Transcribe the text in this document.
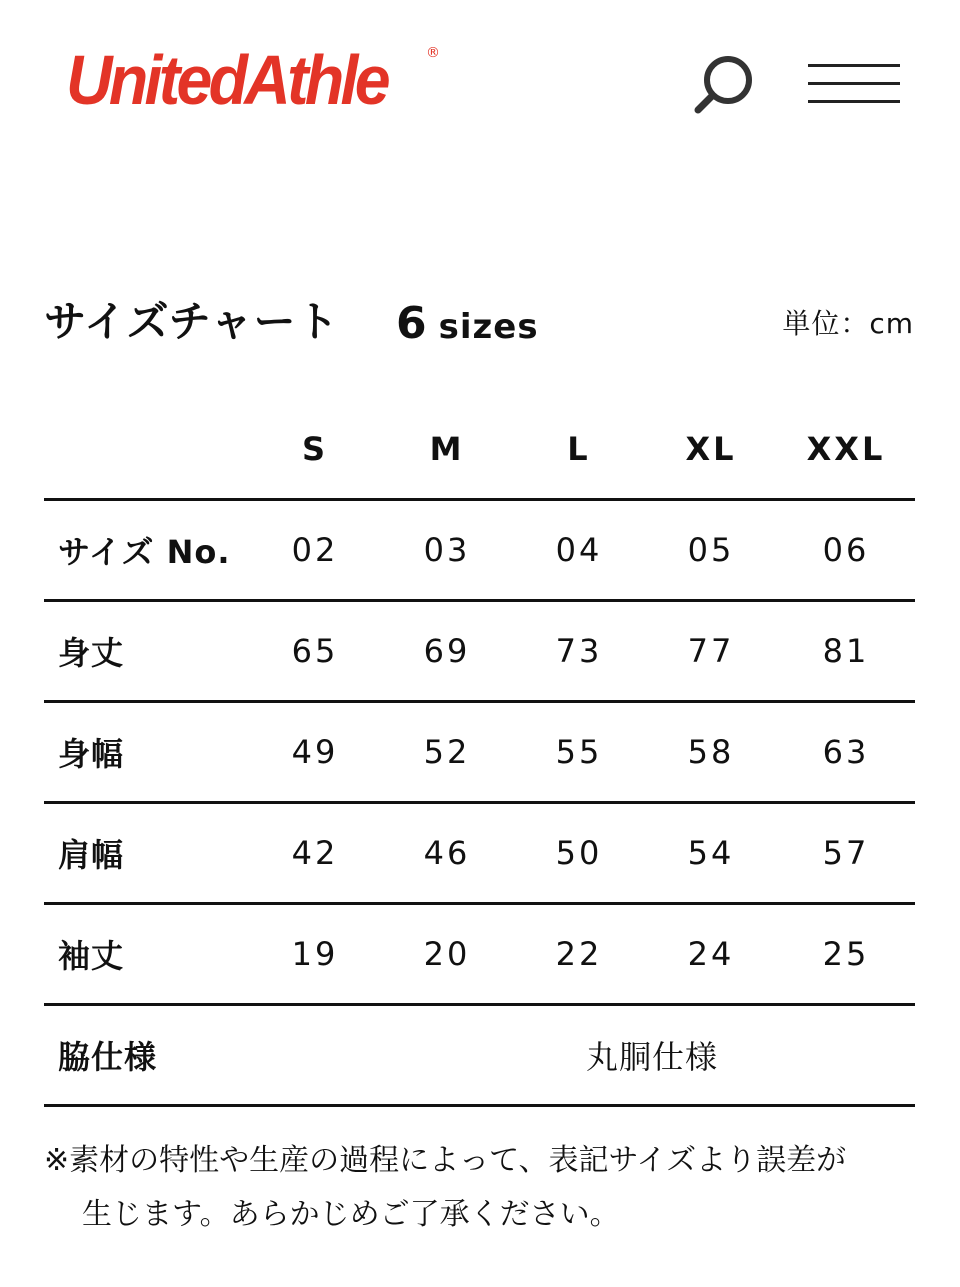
UnitedAthle	®
サイズチャート 6 sizes	単位：cm
	S	M	L	XL	XXL
サイズ No.	02	03	04	05	06
身丈	65	69	73	77	81
身幅	49	52	55	58	63
肩幅	42	46	50	54	57
袖丈	19	20	22	24	25
脇仕様	丸胴仕様				
※素材の特性や生産の過程によって、表記サイズより誤差が
生じます。あらかじめご了承ください。
